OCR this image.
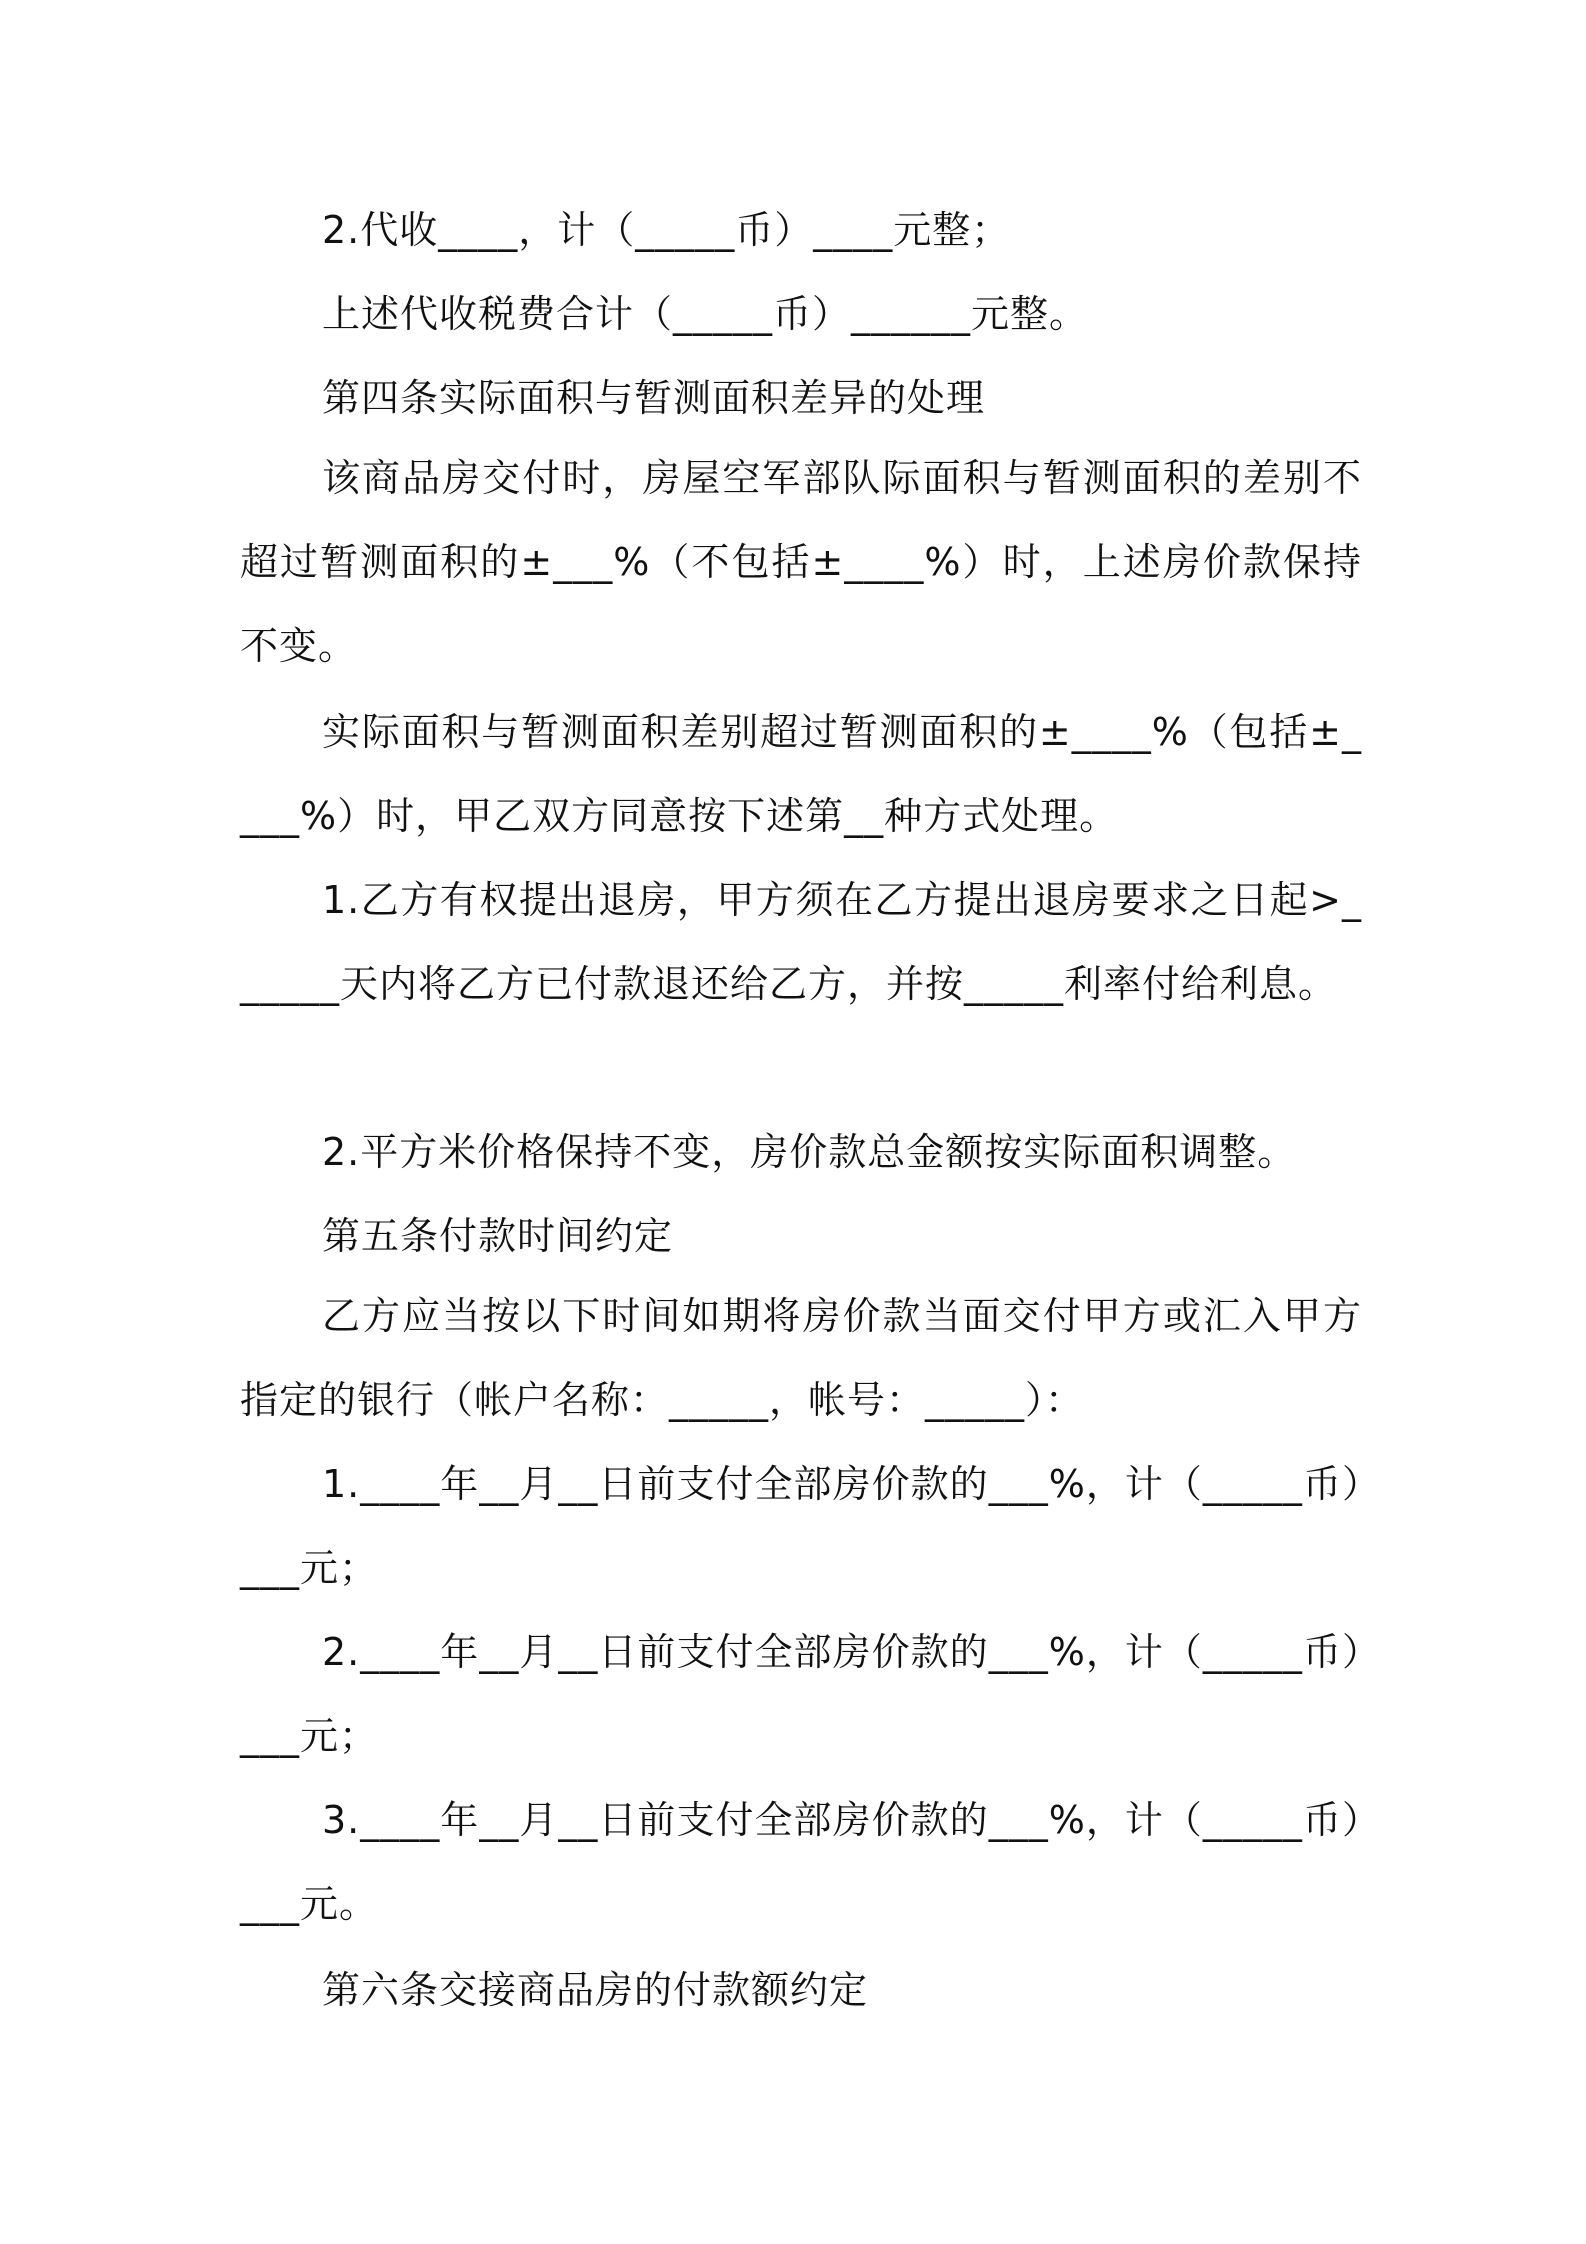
2.代收____，计（_____币）____元整；
上述代收税费合计（_____币）______元整。
第四条实际面积与暂测面积差异的处理
该商品房交付时，房屋空军部队际面积与暂测面积的差别不超过暂测面积的±___%（不包括±____%）时，上述房价款保持不变。
实际面积与暂测面积差别超过暂测面积的±____%（包括±____%）时，甲乙双方同意按下述第__种方式处理。
1.乙方有权提出退房，甲方须在乙方提出退房要求之日起>______天内将乙方已付款退还给乙方，并按_____利率付给利息。
2.平方米价格保持不变，房价款总金额按实际面积调整。
第五条付款时间约定
乙方应当按以下时间如期将房价款当面交付甲方或汇入甲方指定的银行（帐户名称：_____，帐号：_____）：
1.____年__月__日前支付全部房价款的___%，计（_____币）___元；
2.____年__月__日前支付全部房价款的___%，计（_____币）___元；
3.____年__月__日前支付全部房价款的___%，计（_____币）___元。
第六条交接商品房的付款额约定
